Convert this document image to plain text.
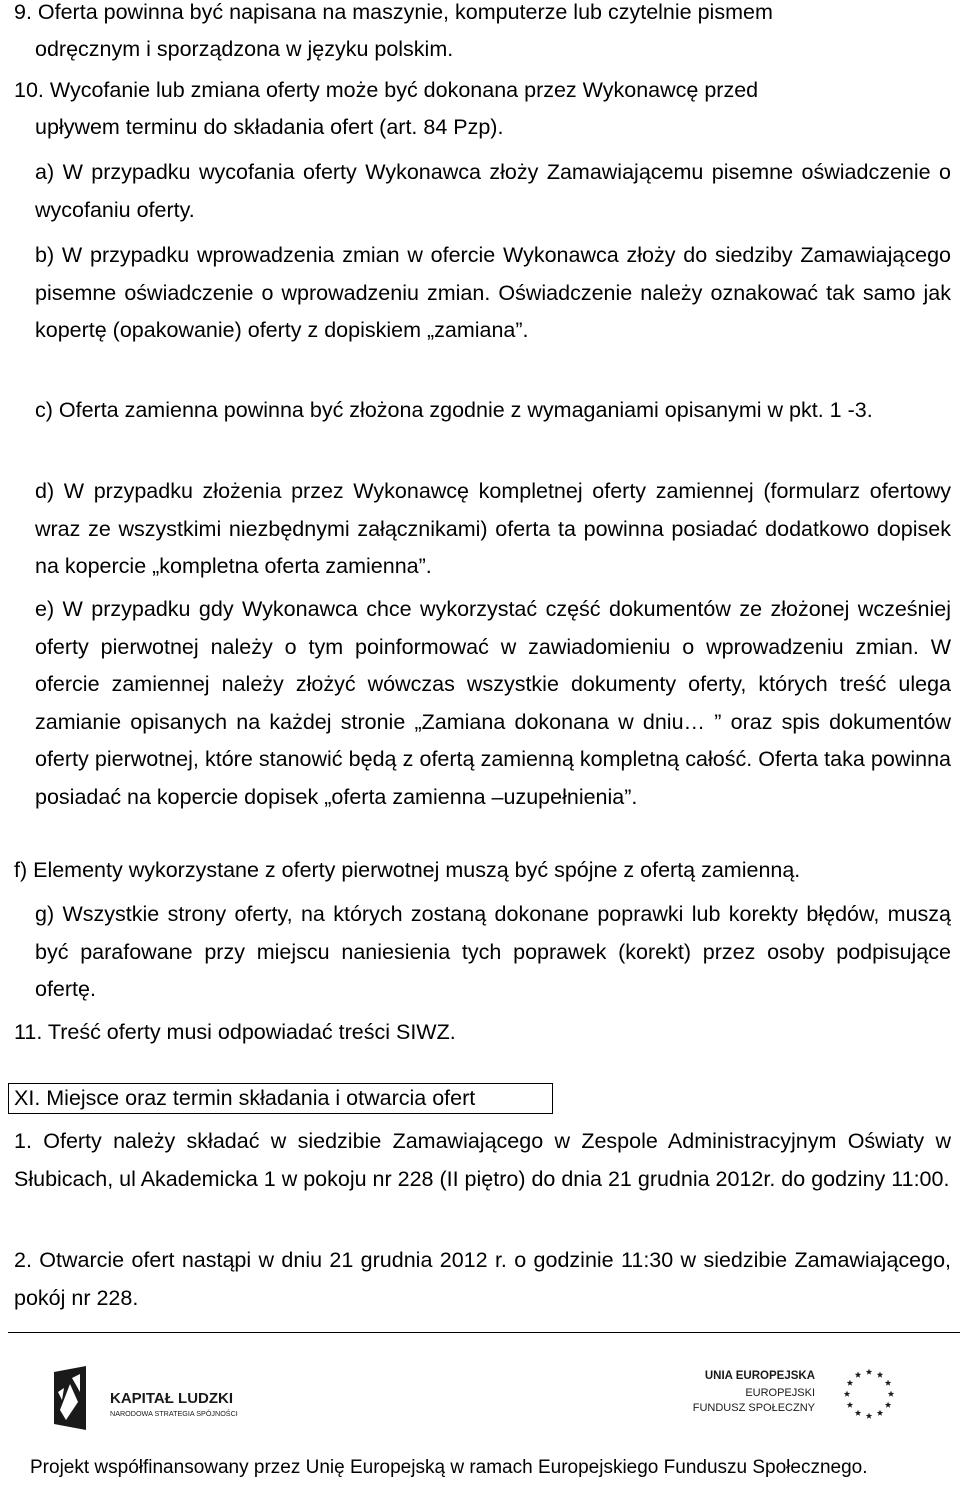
9. Oferta powinna być napisana na maszynie, komputerze lub czytelnie pismem

odręcznym i sporządzona w języku polskim.

10. Wycofanie lub zmiana oferty może być dokonana przez Wykonawcę przed

upływem terminu do składania ofert (art. 84 Pzp).

a) W przypadku wycofania oferty Wykonawca złoży Zamawiającemu pisemne oświadczenie o wycofaniu oferty.

b) W przypadku wprowadzenia zmian w ofercie Wykonawca złoży do siedziby Zamawiającego pisemne oświadczenie o wprowadzeniu zmian. Oświadczenie należy oznakować tak samo jak kopertę (opakowanie) oferty z dopiskiem „zamiana”.

c) Oferta zamienna powinna być złożona zgodnie z wymaganiami opisanymi w pkt. 1 -3.

d) W przypadku złożenia przez Wykonawcę kompletnej oferty zamiennej (formularz ofertowy wraz ze wszystkimi niezbędnymi załącznikami) oferta ta powinna posiadać dodatkowo dopisek na kopercie „kompletna oferta zamienna”.

e) W przypadku gdy Wykonawca chce wykorzystać część dokumentów ze złożonej wcześniej oferty pierwotnej należy o tym poinformować w zawiadomieniu o wprowadzeniu zmian. W ofercie zamiennej należy złożyć wówczas wszystkie dokumenty oferty, których treść ulega zamianie opisanych na każdej stronie „Zamiana dokonana w dniu… ” oraz spis dokumentów oferty pierwotnej, które stanowić będą z ofertą zamienną kompletną całość. Oferta taka powinna posiadać na kopercie dopisek „oferta zamienna –uzupełnienia”.

f) Elementy wykorzystane z oferty pierwotnej muszą być spójne z ofertą zamienną.

g) Wszystkie strony oferty, na których zostaną dokonane poprawki lub korekty błędów, muszą być parafowane przy miejscu naniesienia tych poprawek (korekt) przez osoby podpisujące ofertę.

11. Treść oferty musi odpowiadać treści SIWZ.

XI. Miejsce oraz termin składania i otwarcia ofert

1. Oferty należy składać w siedzibie Zamawiającego w Zespole Administracyjnym Oświaty w Słubicach, ul Akademicka 1 w pokoju nr 228 (II piętro) do dnia 21 grudnia 2012r. do godziny 11:00.

2. Otwarcie ofert nastąpi w dniu 21 grudnia 2012 r. o godzinie 11:30 w siedzibie Zamawiającego, pokój nr 228.

KAPITAŁ LUDZKI
NARODOWA STRATEGIA SPÓJNOŚCI
UNIA EUROPEJSKA
EUROPEJSKI
FUNDUSZ SPOŁECZNY

Projekt współfinansowany przez Unię Europejską w ramach Europejskiego Funduszu Społecznego.
